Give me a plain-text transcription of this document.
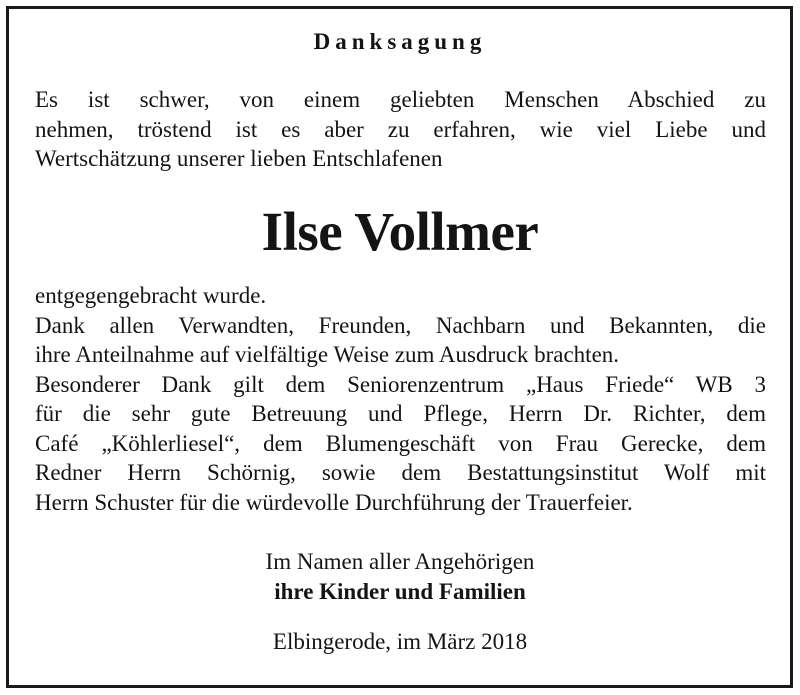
Danksagung
Es ist schwer, von einem geliebten Menschen Abschied zu
nehmen, tröstend ist es aber zu erfahren, wie viel Liebe und
Wertschätzung unserer lieben Entschlafenen
Ilse Vollmer
entgegengebracht wurde.
Dank allen Verwandten, Freunden, Nachbarn und Bekannten, die
ihre Anteilnahme auf vielfältige Weise zum Ausdruck brachten.
Besonderer Dank gilt dem Seniorenzentrum „Haus Friede“ WB 3
für die sehr gute Betreuung und Pflege, Herrn Dr. Richter, dem
Café „Köhlerliesel“, dem Blumengeschäft von Frau Gerecke, dem
Redner Herrn Schörnig, sowie dem Bestattungsinstitut Wolf mit
Herrn Schuster für die würdevolle Durchführung der Trauerfeier.
Im Namen aller Angehörigen
ihre Kinder und Familien
Elbingerode, im März 2018
